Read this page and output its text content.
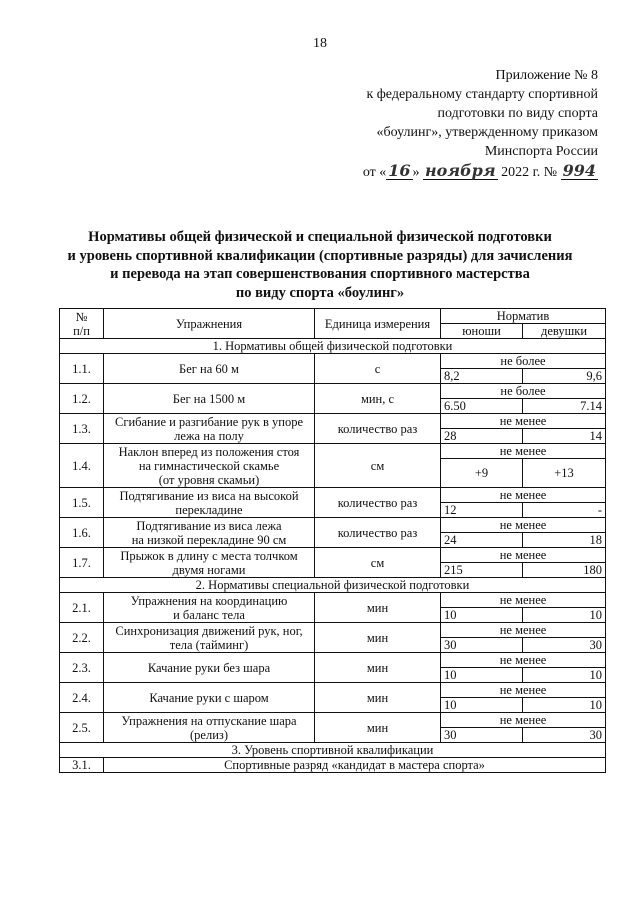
18
Приложение № 8
к федеральному стандарту спортивной
подготовки по виду спорта
«боулинг», утвержденному приказом
Минспорта России
от « 16 » ноября 2022 г. № 994
Нормативы общей физической и специальной физической подготовки
и уровень спортивной квалификации (спортивные разряды) для зачисления
и перевода на этап совершенствования спортивного мастерства
по виду спорта «боулинг»
№
п/п	Упражнения	Единица измерения	Норматив	
			юноши	девушки
1. Нормативы общей физической подготовки				
1.1.	Бег на 60 м	с	не более	
			8,2	9,6
1.2.	Бег на 1500 м	мин, с	не более	
			6.50	7.14
1.3.	Сгибание и разгибание рук в упоре
лежа на полу	количество раз	не менее	
			28	14
1.4.	Наклон вперед из положения стоя
на гимнастической скамье
(от уровня скамьи)	см	не менее	
			+9	+13
1.5.	Подтягивание из виса на высокой
перекладине	количество раз	не менее	
			12	-
1.6.	Подтягивание из виса лежа
на низкой перекладине 90 см	количество раз	не менее	
			24	18
1.7.	Прыжок в длину с места толчком
двумя ногами	см	не менее	
			215	180
2. Нормативы специальной физической подготовки				
2.1.	Упражнения на координацию
и баланс тела	мин	не менее	
			10	10
2.2.	Синхронизация движений рук, ног,
тела (тайминг)	мин	не менее	
			30	30
2.3.	Качание руки без шара	мин	не менее	
			10	10
2.4.	Качание руки с шаром	мин	не менее	
			10	10
2.5.	Упражнения на отпускание шара
(релиз)	мин	не менее	
			30	30
3. Уровень спортивной квалификации				
3.1.	Спортивные разряд «кандидат в мастера спорта»			
